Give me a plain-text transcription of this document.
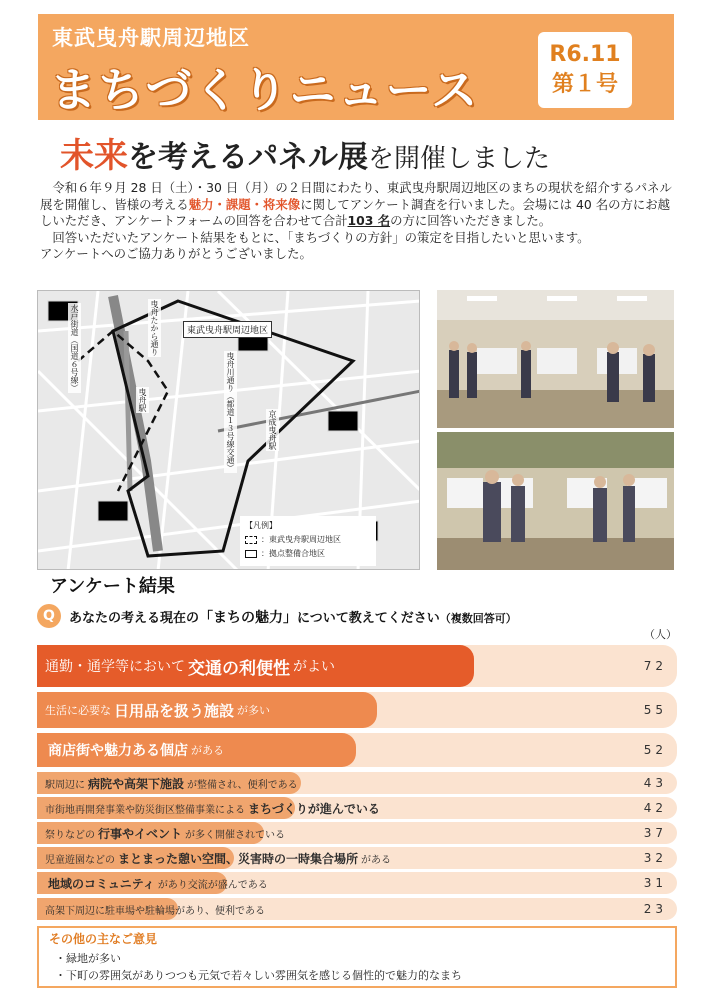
東武曳舟駅周辺地区
まちづくりニュース
R6.11
第１号
未来を考えるパネル展を開催しました

　令和６年９月 28 日（土）・30 日（月）の２日間にわたり、東武曳舟駅周辺地区のまちの現状を紹介するパネル展を開催し、皆様の考える魅力・課題・将来像に関してアンケート調査を行いました。会場には 40 名の方にお越しいただき、アンケートフォームの回答を合わせて合計103 名の方に回答いただきました。

　回答いただいたアンケート結果をもとに、「まちづくりの方針」の策定を目指したいと思います。

アンケートへのご協力ありがとうございました。

東武曳舟駅周辺地区
水戸街道（国道６号線）	曳舟たから通り
曳舟川通り（都道１３号線交通）
曳舟駅
京成曳舟駅
【凡例】
：東武曳舟駅周辺地区
：拠点整備合地区
アンケート結果
Q	あなたの考える現在の「まちの魅力」について教えてください（複数回答可）
（人）
通勤・通学等において 交通の利便性 がよい	72
生活に必要な 日用品を扱う施設 が多い	55
商店街や魅力ある個店 がある	52
駅周辺に 病院や高架下施設 が整備され、便利である	43
市街地再開発事業や防災街区整備事業による まちづくりが進んでいる	42
祭りなどの 行事やイベント が多く開催されている	37
児童遊園などの まとまった憩い空間、災害時の一時集合場所 がある	32
地域のコミュニティ があり交流が盛んである	31
高架下周辺に駐車場や駐輪場があり、便利である	23
その他の主なご意見
・緑地が多い
・下町の雰囲気がありつつも元気で若々しい雰囲気を感じる個性的で魅力的なまち
